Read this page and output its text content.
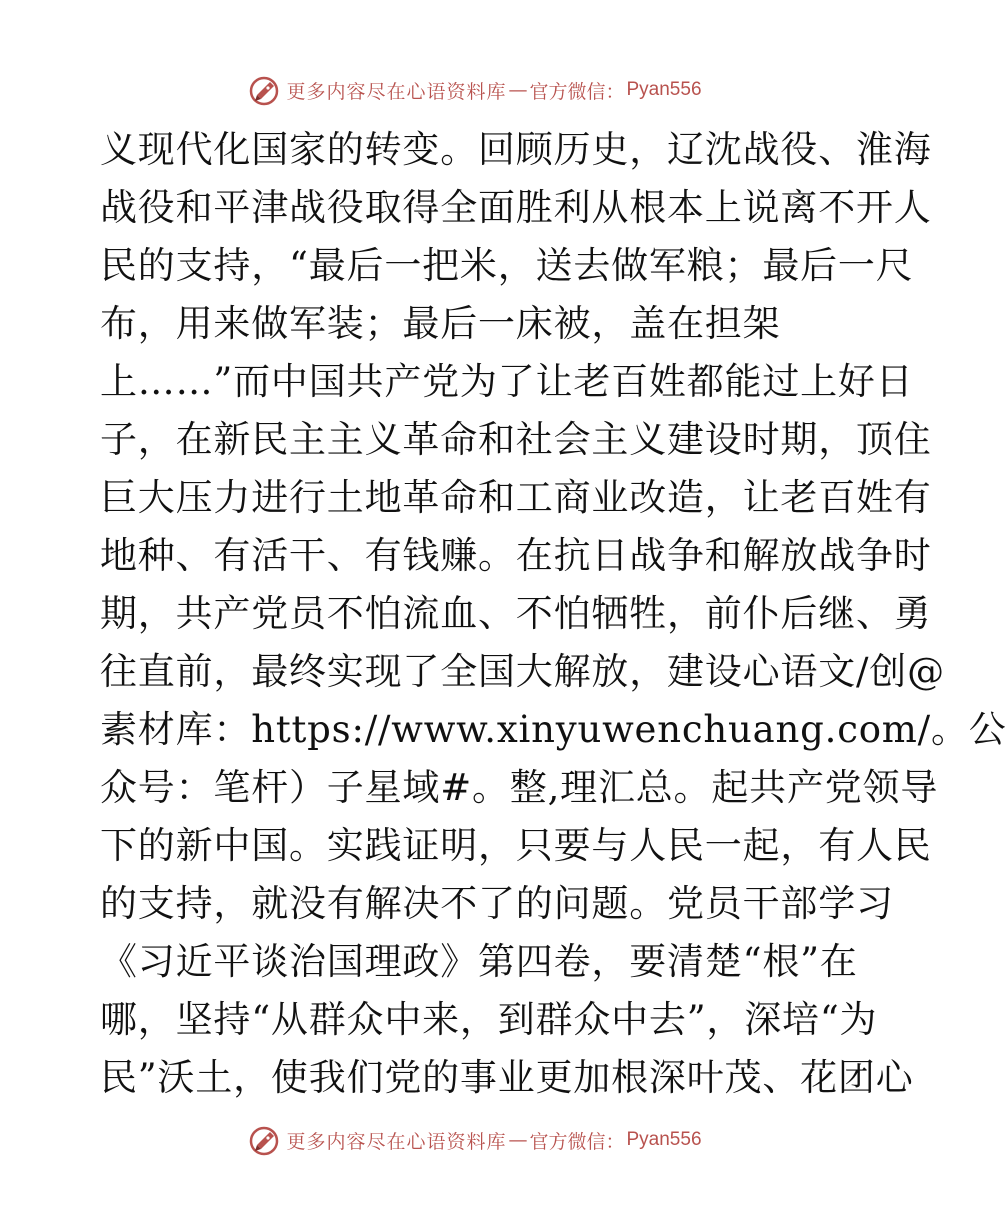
更多内容尽在心语资料库 — 官方微信： Pyan556
义现代化国家的转变。回顾历史，辽沈战役、淮海
战役和平津战役取得全面胜利从根本上说离不开人
民的支持，“最后一把米，送去做军粮；最后一尺
布，用来做军装；最后一床被，盖在担架
上……”而中国共产党为了让老百姓都能过上好日
子，在新民主主义革命和社会主义建设时期，顶住
巨大压力进行土地革命和工商业改造，让老百姓有
地种、有活干、有钱赚。在抗日战争和解放战争时
期，共产党员不怕流血、不怕牺牲，前仆后继、勇
往直前，最终实现了全国大解放，建设心语文/创@
素材库：https://www.xinyuwenchuang.com/。公
众号：笔杆）子星域#。整,理汇总。起共产党领导
下的新中国。实践证明，只要与人民一起，有人民
的支持，就没有解决不了的问题。党员干部学习
《习近平谈治国理政》第四卷，要清楚“根”在
哪，坚持“从群众中来，到群众中去”，深培“为
民”沃土，使我们党的事业更加根深叶茂、花团心
更多内容尽在心语资料库 — 官方微信： Pyan556
